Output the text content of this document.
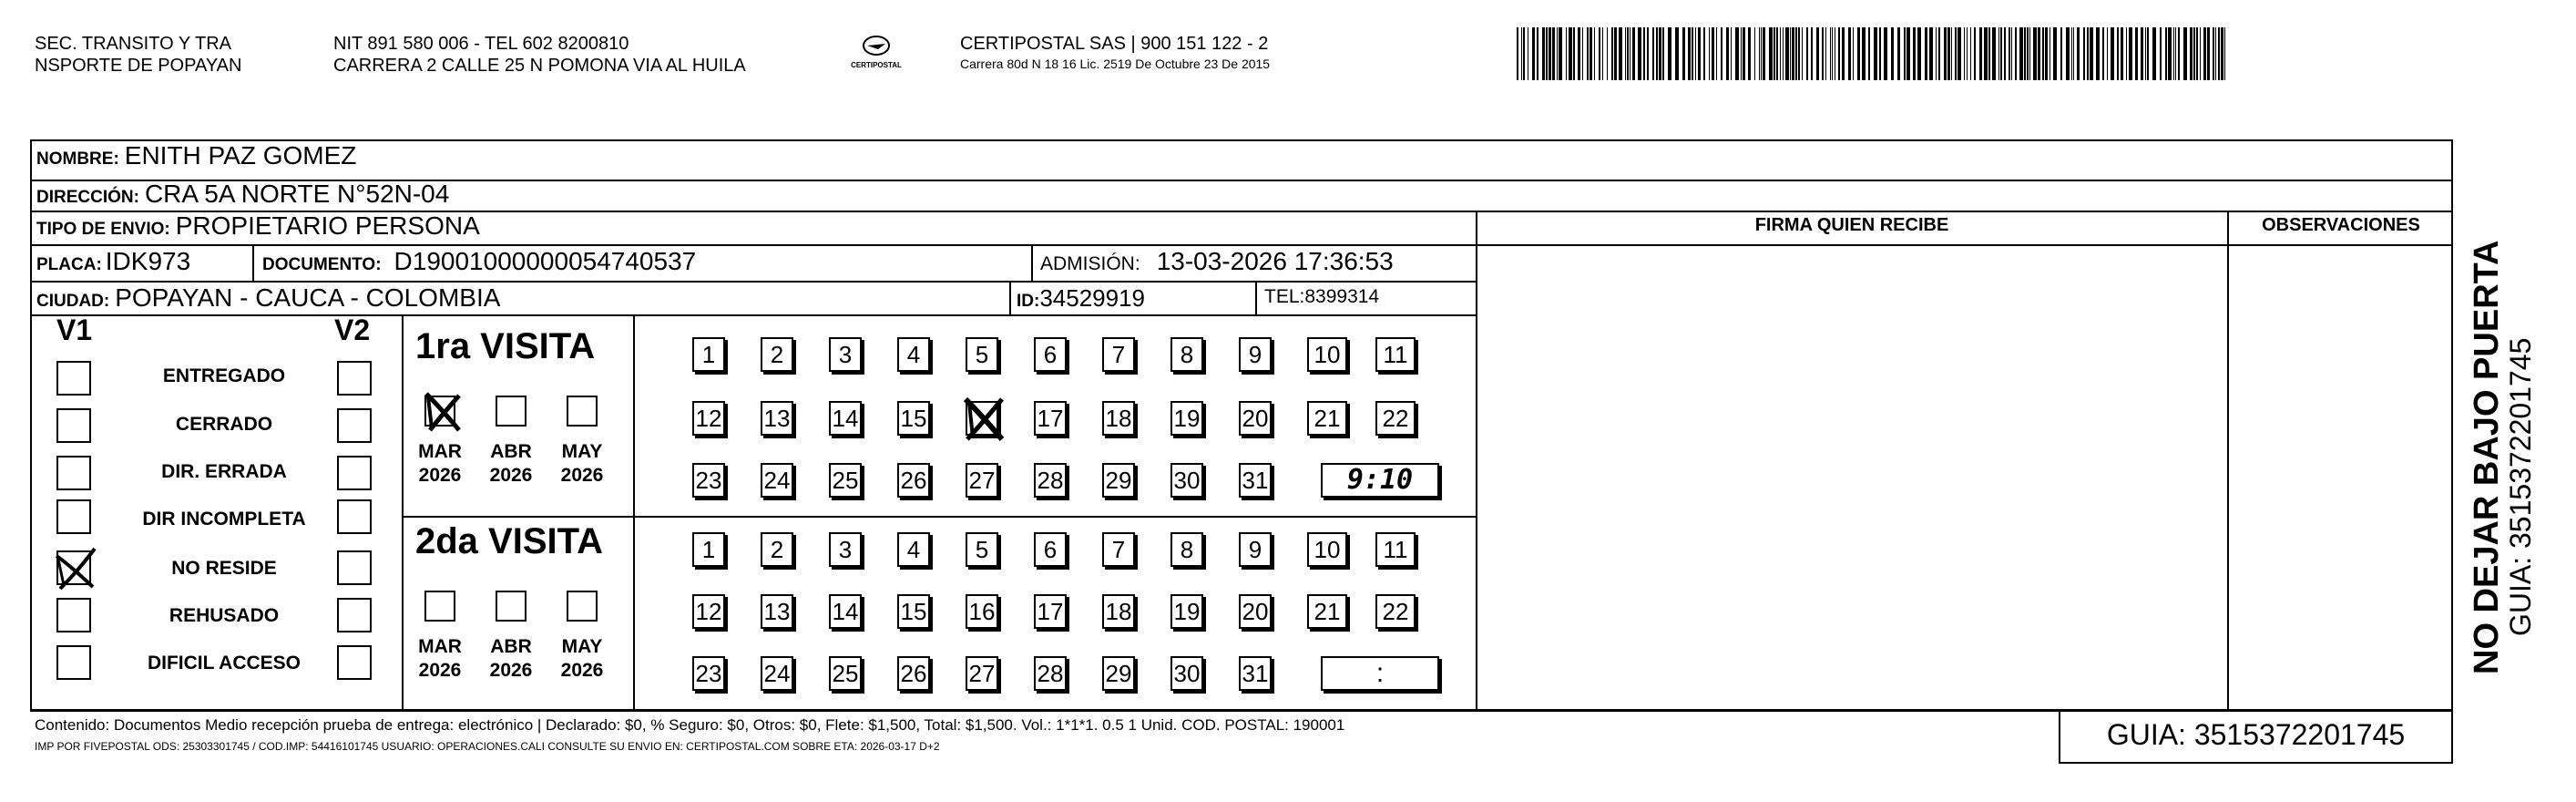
SEC. TRANSITO Y TRA
NSPORTE DE POPAYAN
NIT 891 580 006 - TEL 602 8200810
CARRERA 2 CALLE 25 N POMONA VIA AL HUILA	CERTIPOSTAL
CERTIPOSTAL SAS | 900 151 122 - 2
Carrera 80d N 18 16 Lic. 2519 De Octubre 23 De 2015
NOMBRE: ENITH PAZ GOMEZ
DIRECCIÓN: CRA 5A NORTE N°52N-04
TIPO DE ENVIO: PROPIETARIO PERSONA	FIRMA QUIEN RECIBE	OBSERVACIONES
PLACA: IDK973	DOCUMENTO: D19001000000054740537	ADMISIÓN: 13-03-2026 17:36:53
CIUDAD: POPAYAN - CAUCA - COLOMBIA	ID: 34529919	TEL: 8399314
V1	V2
ENTREGADO
CERRADO
DIR. ERRADA
DIR INCOMPLETA
NO RESIDE
REHUSADO
DIFICIL ACCESO
1ra VISITA
2da VISITA
MAR	ABR	MAY
2026	2026	2026
MAR	ABR	MAY
2026	2026	2026
1	2	3	4	5	6	7	8	9	10	11
12 13 14 15	17 18 19 20 21 22
23 24 25 26 27 28 29 30 31	9:10
1	2	3	4	5	6	7	8	9	10	11
12 13 14 15 16 17 18 19 20 21 22
23 24 25 26 27 28 29 30 31	:
Contenido: Documentos Medio recepción prueba de entrega: electrónico | Declarado: $0, % Seguro: $0, Otros: $0, Flete: $1,500, Total: $1,500. Vol.: 1*1*1. 0.5 1 Unid. COD. POSTAL: 190001
IMP POR FIVEPOSTAL ODS: 25303301745 / COD.IMP: 54416101745 USUARIO: OPERACIONES.CALI CONSULTE SU ENVIO EN: CERTIPOSTAL.COM SOBRE ETA: 2026-03-17 D+2	GUIA: 3515372201745
NO DEJAR BAJO PUERTA
GUIA: 3515372201745
